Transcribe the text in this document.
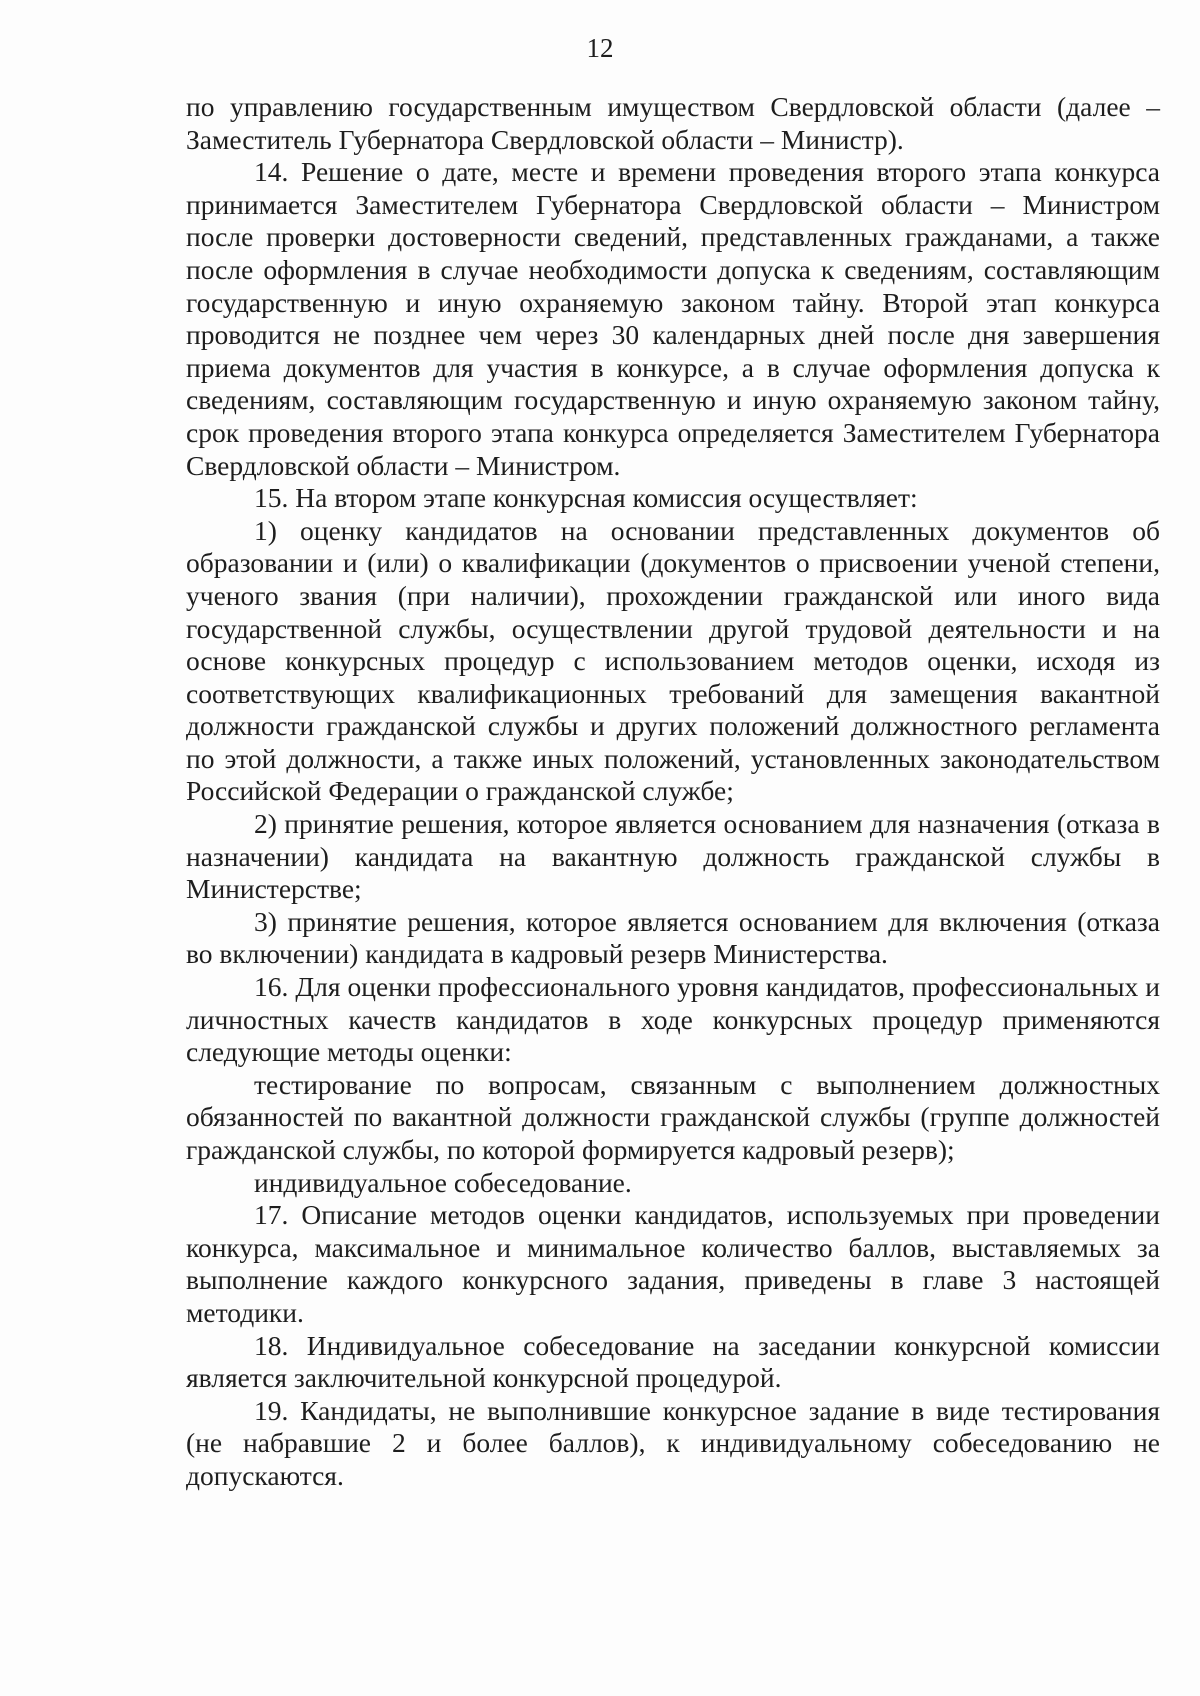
12

по управлению государственным имуществом Свердловской области (далее – Заместитель Губернатора Свердловской области – Министр).

14. Решение о дате, месте и времени проведения второго этапа конкурса принимается Заместителем Губернатора Свердловской области – Министром после проверки достоверности сведений, представленных гражданами, а также после оформления в случае необходимости допуска к сведениям, составляющим государственную и иную охраняемую законом тайну. Второй этап конкурса проводится не позднее чем через 30 календарных дней после дня завершения приема документов для участия в конкурсе, а в случае оформления допуска к сведениям, составляющим государственную и иную охраняемую законом тайну, срок проведения второго этапа конкурса определяется Заместителем Губернатора Свердловской области – Министром.

15. На втором этапе конкурсная комиссия осуществляет:

1) оценку кандидатов на основании представленных документов об образовании и (или) о квалификации (документов о присвоении ученой степени, ученого звания (при наличии), прохождении гражданской или иного вида государственной службы, осуществлении другой трудовой деятельности и на основе конкурсных процедур с использованием методов оценки, исходя из соответствующих квалификационных требований для замещения вакантной должности гражданской службы и других положений должностного регламента по этой должности, а также иных положений, установленных законодательством Российской Федерации о гражданской службе;

2) принятие решения, которое является основанием для назначения (отказа в назначении) кандидата на вакантную должность гражданской службы в Министерстве;

3) принятие решения, которое является основанием для включения (отказа во включении) кандидата в кадровый резерв Министерства.

16. Для оценки профессионального уровня кандидатов, профессиональных и личностных качеств кандидатов в ходе конкурсных процедур применяются следующие методы оценки:

тестирование по вопросам, связанным с выполнением должностных обязанностей по вакантной должности гражданской службы (группе должностей гражданской службы, по которой формируется кадровый резерв);

индивидуальное собеседование.

17. Описание методов оценки кандидатов, используемых при проведении конкурса, максимальное и минимальное количество баллов, выставляемых за выполнение каждого конкурсного задания, приведены в главе 3 настоящей методики.

18. Индивидуальное собеседование на заседании конкурсной комиссии является заключительной конкурсной процедурой.

19. Кандидаты, не выполнившие конкурсное задание в виде тестирования (не набравшие 2 и более баллов), к индивидуальному собеседованию не допускаются.
